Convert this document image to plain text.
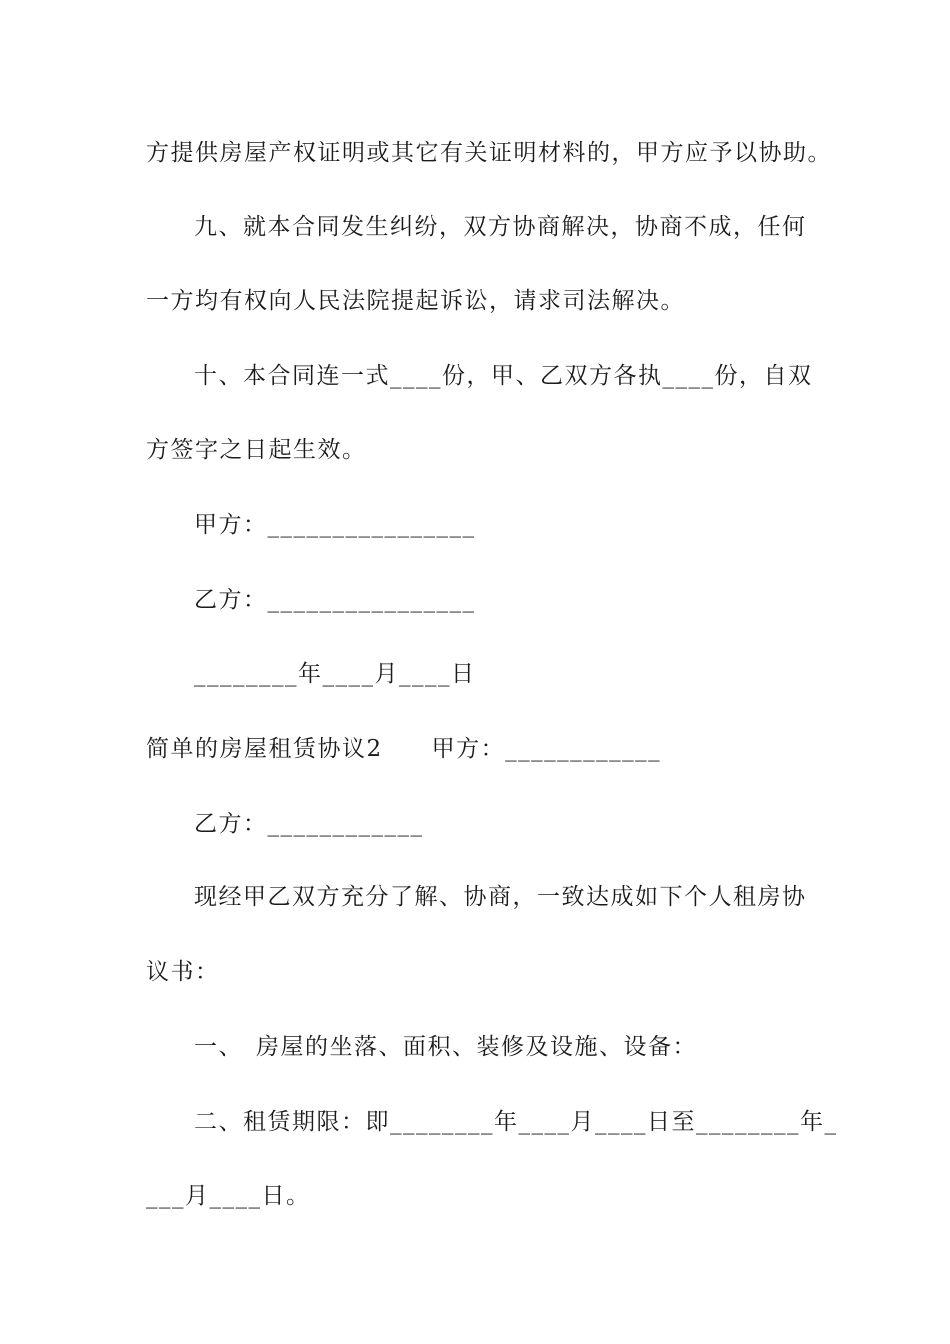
方提供房屋产权证明或其它有关证明材料的，甲方应予以协助。
九、就本合同发生纠纷，双方协商解决，协商不成，任何
一方均有权向人民法院提起诉讼，请求司法解决。
十、本合同连一式____份，甲、乙双方各执____份，自双
方签字之日起生效。
甲方：________________
乙方：________________
________年____月____日
简单的房屋租赁协议2　　甲方：____________
乙方：____________
现经甲乙双方充分了解、协商，一致达成如下个人租房协
议书：
一、　房屋的坐落、面积、装修及设施、设备：
二、租赁期限：即________年____月____日至________年_
___月____日。
